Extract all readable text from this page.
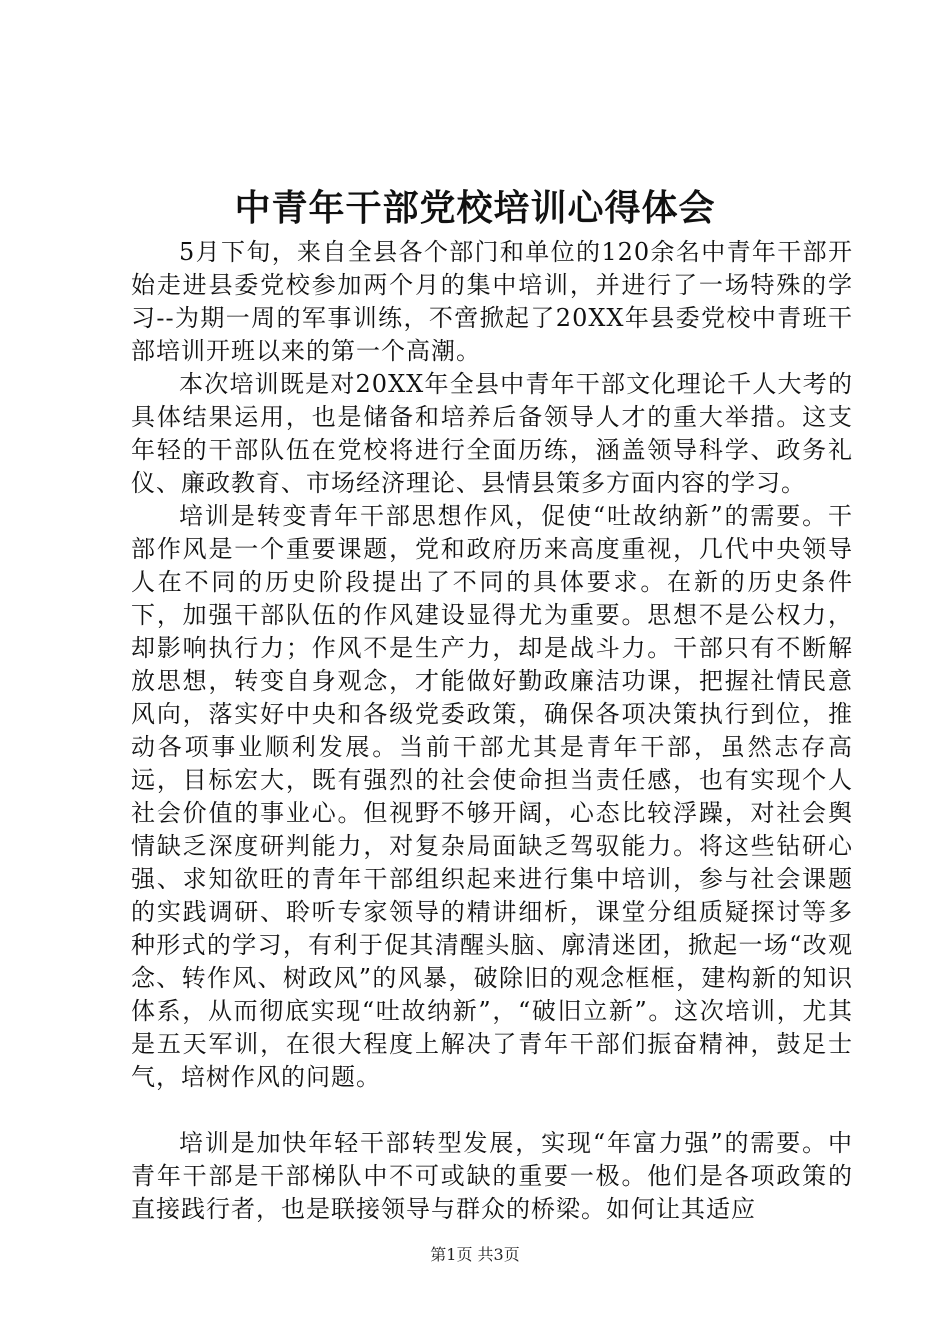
中青年干部党校培训心得体会

5月下旬，来自全县各个部门和单位的120余名中青年干部开始走进县委党校参加两个月的集中培训，并进行了一场特殊的学习--为期一周的军事训练，不啻掀起了20XX年县委党校中青班干部培训开班以来的第一个高潮。

本次培训既是对20XX年全县中青年干部文化理论千人大考的具体结果运用，也是储备和培养后备领导人才的重大举措。这支年轻的干部队伍在党校将进行全面历练，涵盖领导科学、政务礼仪、廉政教育、市场经济理论、县情县策多方面内容的学习。

培训是转变青年干部思想作风，促使“吐故纳新”的需要。干部作风是一个重要课题，党和政府历来高度重视，几代中央领导人在不同的历史阶段提出了不同的具体要求。在新的历史条件下，加强干部队伍的作风建设显得尤为重要。思想不是公权力，却影响执行力；作风不是生产力，却是战斗力。干部只有不断解放思想，转变自身观念，才能做好勤政廉洁功课，把握社情民意风向，落实好中央和各级党委政策，确保各项决策执行到位，推动各项事业顺利发展。当前干部尤其是青年干部，虽然志存高远，目标宏大，既有强烈的社会使命担当责任感，也有实现个人社会价值的事业心。但视野不够开阔，心态比较浮躁，对社会舆情缺乏深度研判能力，对复杂局面缺乏驾驭能力。将这些钻研心强、求知欲旺的青年干部组织起来进行集中培训，参与社会课题的实践调研、聆听专家领导的精讲细析，课堂分组质疑探讨等多种形式的学习，有利于促其清醒头脑、廓清迷团，掀起一场“改观念、转作风、树政风”的风暴，破除旧的观念框框，建构新的知识体系，从而彻底实现“吐故纳新”，“破旧立新”。这次培训，尤其是五天军训，在很大程度上解决了青年干部们振奋精神，鼓足士气，培树作风的问题。

培训是加快年轻干部转型发展，实现“年富力强”的需要。中青年干部是干部梯队中不可或缺的重要一极。他们是各项政策的直接践行者，也是联接领导与群众的桥梁。如何让其适应

第1页 共3页
